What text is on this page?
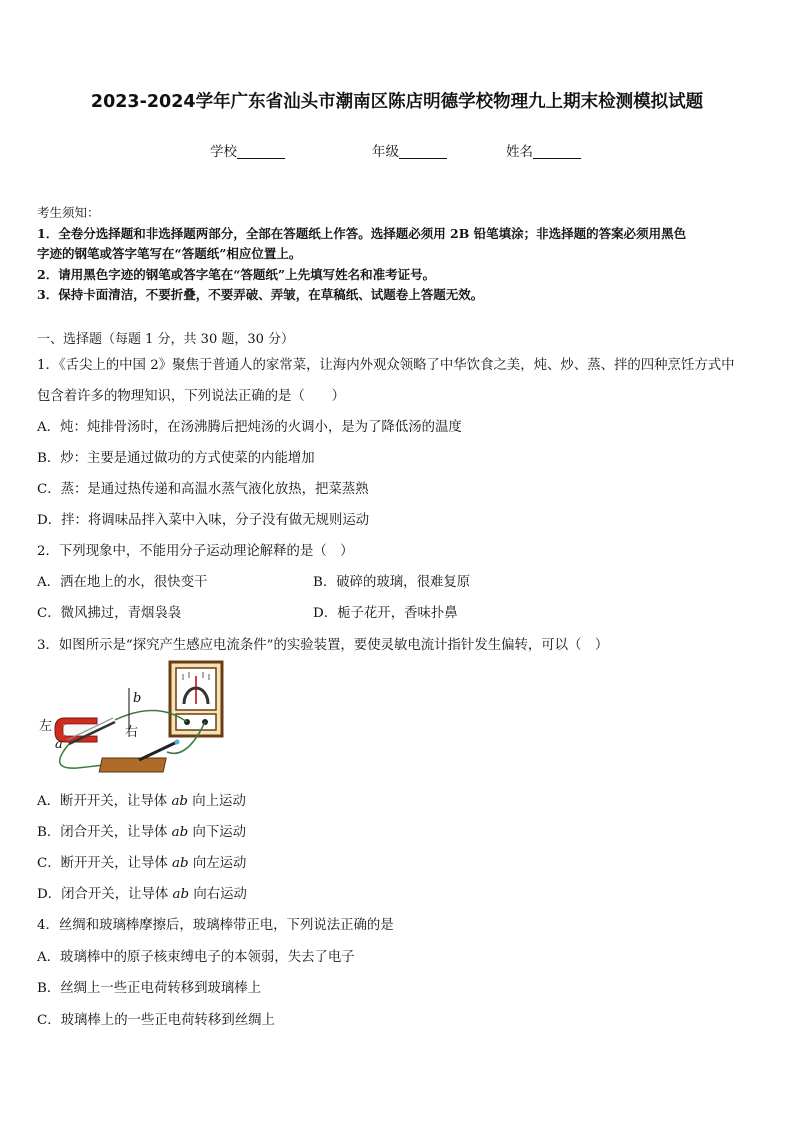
2023-2024学年广东省汕头市潮南区陈店明德学校物理九上期末检测模拟试题
学校	年级	姓名
考生须知：
1．全卷分选择题和非选择题两部分，全部在答题纸上作答。选择题必须用 2B 铅笔填涂；非选择题的答案必须用黑色
字迹的钢笔或答字笔写在“答题纸”相应位置上。
2．请用黑色字迹的钢笔或答字笔在“答题纸”上先填写姓名和准考证号。
3．保持卡面清洁，不要折叠，不要弄破、弄皱，在草稿纸、试题卷上答题无效。
一、选择题（每题 1 分，共 30 题，30 分）
1．《舌尖上的中国 2》聚焦于普通人的家常菜，让海内外观众领略了中华饮食之美，炖、炒、蒸、拌的四种烹饪方式中
包含着许多的物理知识，下列说法正确的是（　　）
A．炖：炖排骨汤时，在汤沸腾后把炖汤的火调小，是为了降低汤的温度
B．炒：主要是通过做功的方式使菜的内能增加
C．蒸：是通过热传递和高温水蒸气液化放热，把菜蒸熟
D．拌：将调味品拌入菜中入味，分子没有做无规则运动
2．下列现象中，不能用分子运动理论解释的是（　）
A．洒在地上的水，很快变干	B．破碎的玻璃，很难复原
C．微风拂过，青烟袅袅	D．栀子花开，香味扑鼻
3．如图所示是“探究产生感应电流条件”的实验装置，要使灵敏电流计指针发生偏转，可以（　）
左	右
a
b
A．断开开关，让导体 ab 向上运动
B．闭合开关，让导体 ab 向下运动
C．断开开关，让导体 ab 向左运动
D．闭合开关，让导体 ab 向右运动
4．丝绸和玻璃棒摩擦后，玻璃棒带正电，下列说法正确的是
A．玻璃棒中的原子核束缚电子的本领弱，失去了电子
B．丝绸上一些正电荷转移到玻璃棒上
C．玻璃棒上的一些正电荷转移到丝绸上
